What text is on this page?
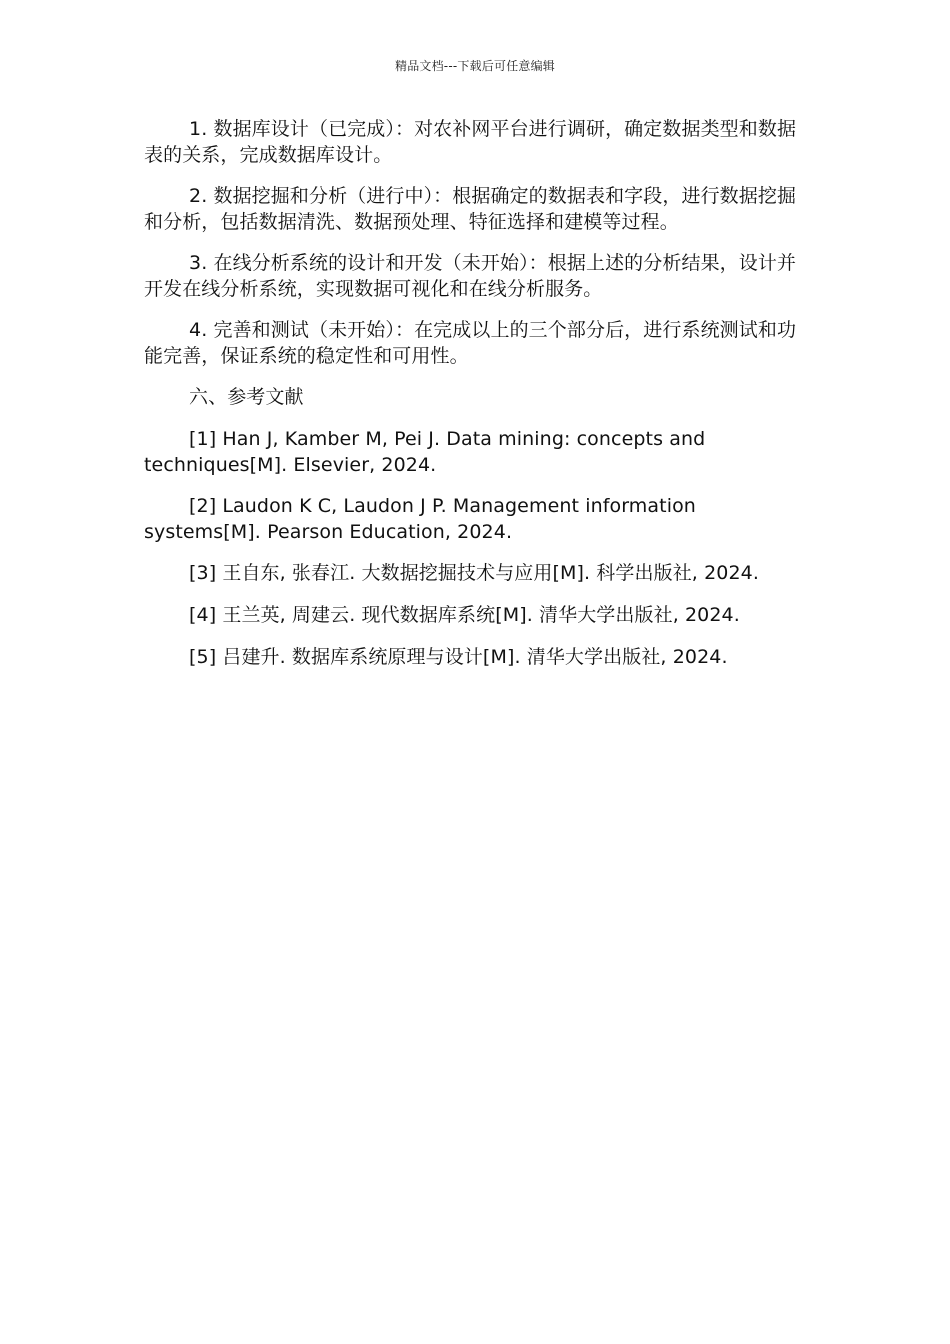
精品文档---下载后可任意编辑

1. 数据库设计（已完成）：对农补网平台进行调研，确定数据类型和数据表的关系，完成数据库设计。

2. 数据挖掘和分析（进行中）：根据确定的数据表和字段，进行数据挖掘和分析，包括数据清洗、数据预处理、特征选择和建模等过程。

3. 在线分析系统的设计和开发（未开始）：根据上述的分析结果，设计并开发在线分析系统，实现数据可视化和在线分析服务。

4. 完善和测试（未开始）：在完成以上的三个部分后，进行系统测试和功能完善，保证系统的稳定性和可用性。

六、参考文献

[1] Han J, Kamber M, Pei J. Data mining: concepts and techniques[M]. Elsevier, 2024.

[2] Laudon K C, Laudon J P. Management information systems[M]. Pearson Education, 2024.

[3] 王自东, 张春江. 大数据挖掘技术与应用[M]. 科学出版社, 2024.

[4] 王兰英, 周建云. 现代数据库系统[M]. 清华大学出版社, 2024.

[5] 吕建升. 数据库系统原理与设计[M]. 清华大学出版社, 2024.
